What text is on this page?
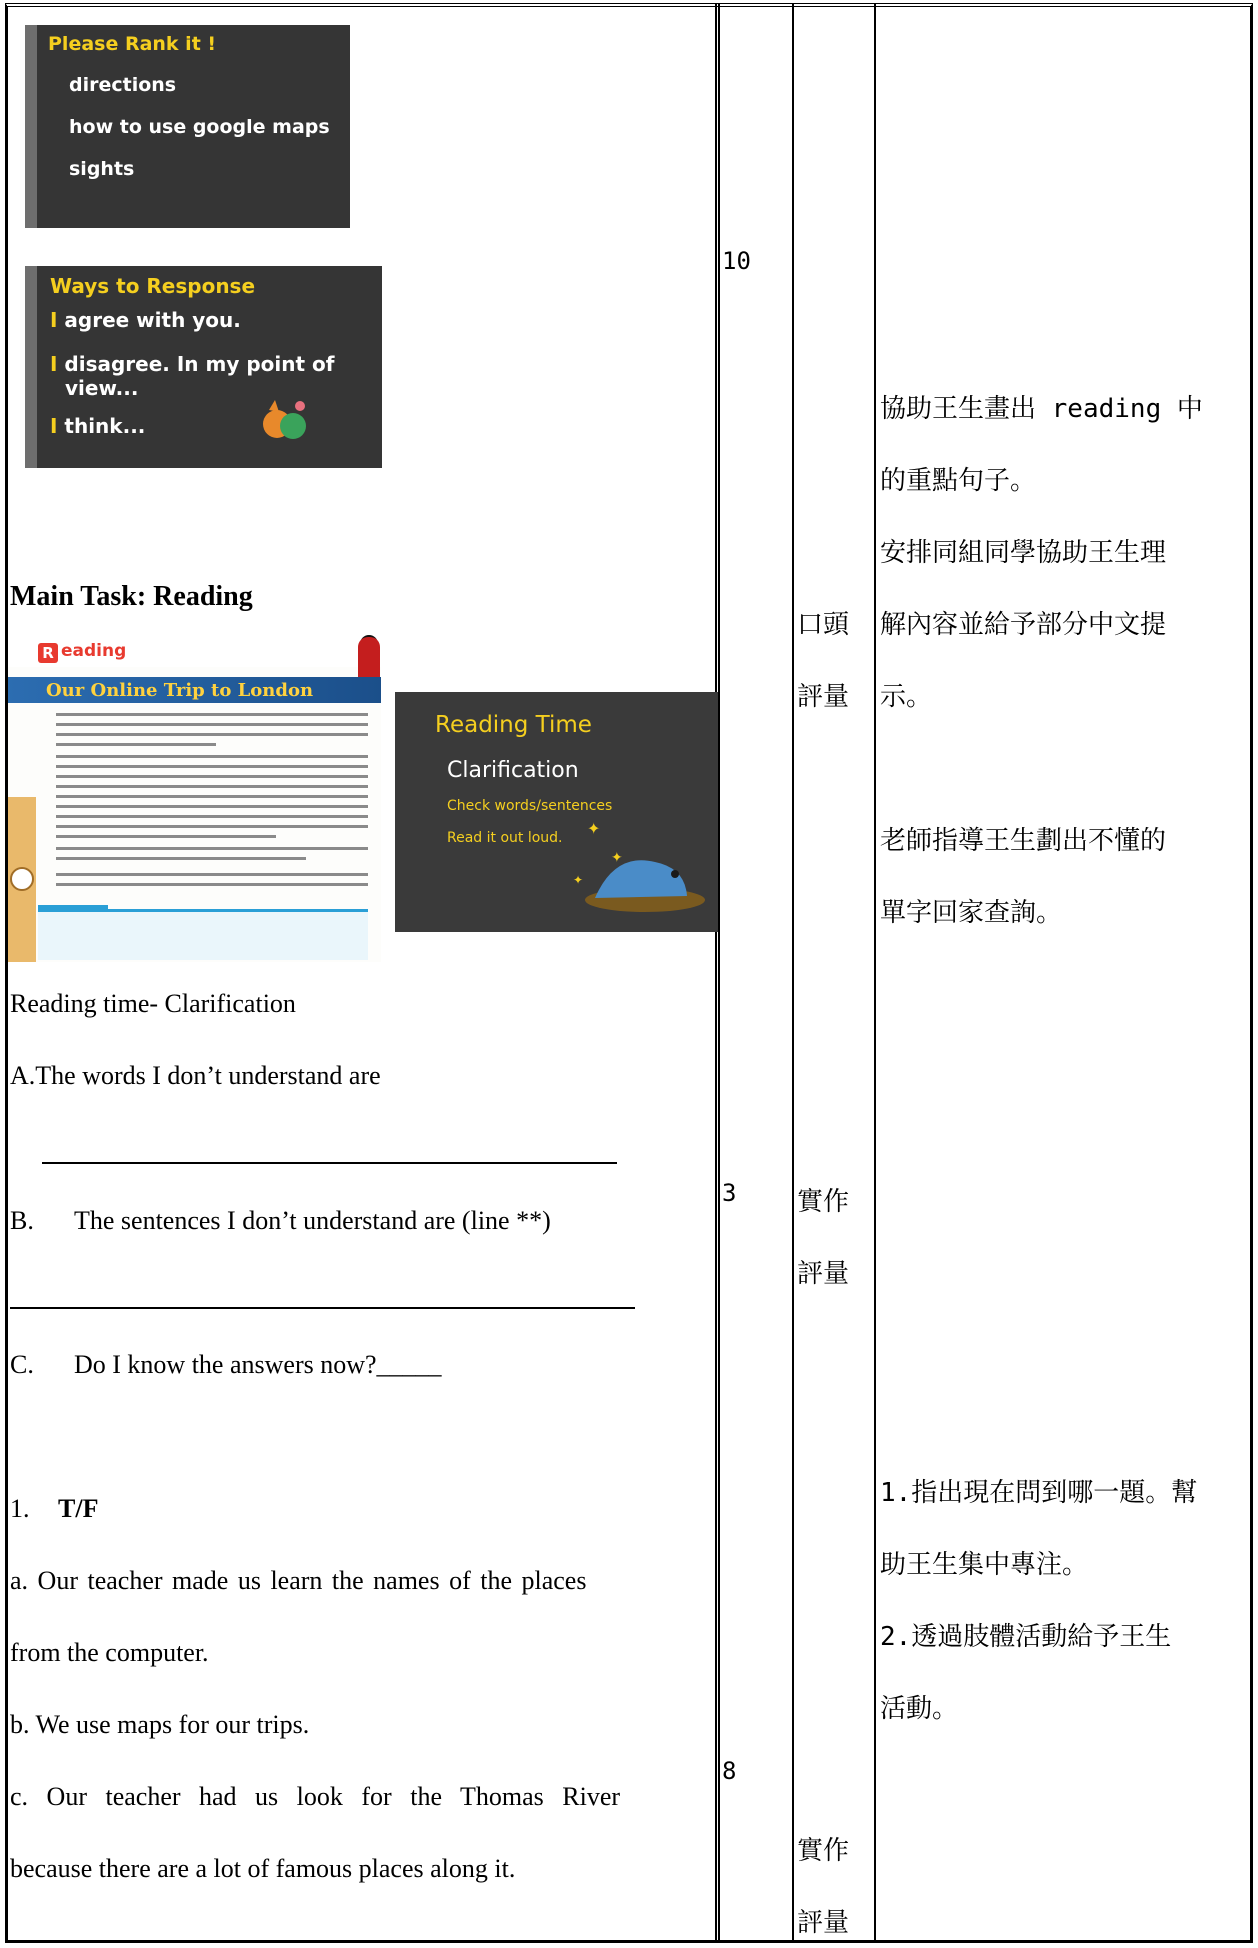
Please Rank it !
directions
how to use google maps
sights
Ways to Response
I agree with you.
I disagree. In my point of
view...
I think...
Main Task: Reading
R eading
Our Online Trip to London
Reading Time
Clarification
Check words/sentences
Read it out loud. ✦
✦
✦
Reading time- Clarification
A.The words I don’t understand are
B. The sentences I don’t understand are (line **)
C. Do I know the answers now?_____
1. T/F
a. Our teacher made us learn the names of the places
from the computer.
b. We use maps for our trips.
c. Our teacher had us look for the Thomas River
because there are a lot of famous places along it.
10
3
8
口頭
評量
實作
評量
實作
評量
協助王生畫出 reading 中
的重點句子。
安排同組同學協助王生理
解內容並給予部分中文提
示。
老師指導王生劃出不懂的
單字回家查詢。
1.指出現在問到哪一題。幫
助王生集中專注。
2.透過肢體活動給予王生
活動。
